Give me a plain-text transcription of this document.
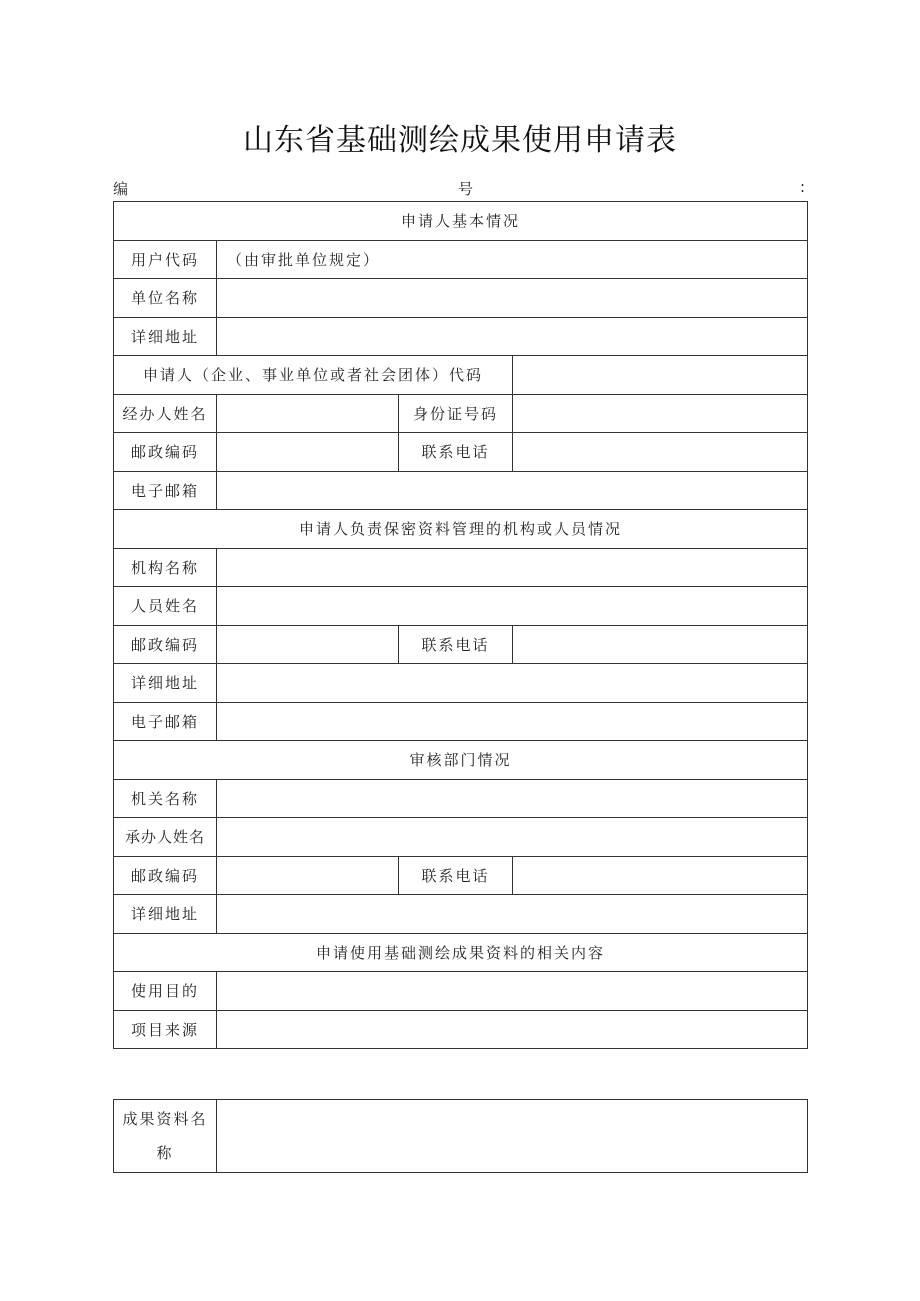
山东省基础测绘成果使用申请表
编	号	:
申请人基本情况			
用户代码	（由审批单位规定）		
单位名称			
详细地址			
申请人（企业、事业单位或者社会团体）代码			
经办人姓名		身份证号码	
邮政编码		联系电话	
电子邮箱			
申请人负责保密资料管理的机构或人员情况			
机构名称			
人员姓名			
邮政编码		联系电话	
详细地址			
电子邮箱			
审核部门情况			
机关名称			
承办人姓名			
邮政编码		联系电话	
详细地址			
申请使用基础测绘成果资料的相关内容			
使用目的			
项目来源			
成果资料名称	
